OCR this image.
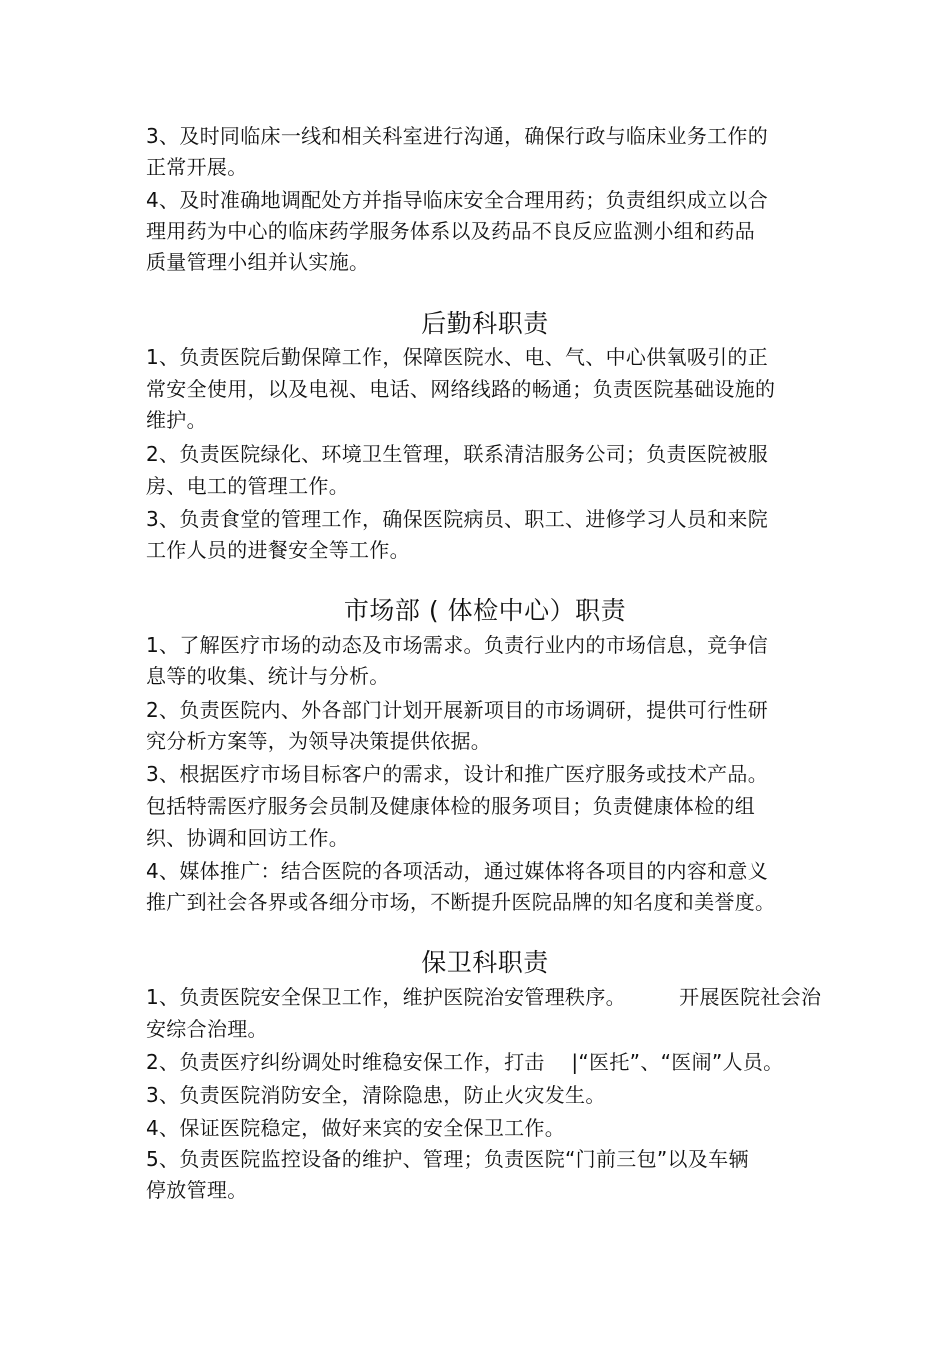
3、及时同临床一线和相关科室进行沟通，确保行政与临床业务工作的
正常开展。
4、及时准确地调配处方并指导临床安全合理用药；负责组织成立以合
理用药为中心的临床药学服务体系以及药品不良反应监测小组和药品
质量管理小组并认实施。
后勤科职责
1、负责医院后勤保障工作，保障医院水、电、气、中心供氧吸引的正
常安全使用，以及电视、电话、网络线路的畅通；负责医院基础设施的
维护。
2、负责医院绿化、环境卫生管理，联系清洁服务公司；负责医院被服
房、电工的管理工作。
3、负责食堂的管理工作，确保医院病员、职工、进修学习人员和来院
工作人员的进餐安全等工作。
市场部 ( 体检中心）职责
1、了解医疗市场的动态及市场需求。负责行业内的市场信息，竞争信
息等的收集、统计与分析。
2、负责医院内、外各部门计划开展新项目的市场调研，提供可行性研
究分析方案等，为领导决策提供依据。
3、根据医疗市场目标客户的需求，设计和推广医疗服务或技术产品。
包括特需医疗服务会员制及健康体检的服务项目；负责健康体检的组
织、协调和回访工作。
4、媒体推广：结合医院的各项活动，通过媒体将各项目的内容和意义
推广到社会各界或各细分市场，不断提升医院品牌的知名度和美誉度。
保卫科职责
1、负责医院安全保卫工作，维护医院治安管理秩序。        开展医院社会治
安综合治理。
2、负责医疗纠纷调处时维稳安保工作，打击    |“医托”、“医闹”人员。
3、负责医院消防安全，清除隐患，防止火灾发生。
4、保证医院稳定，做好来宾的安全保卫工作。
5、负责医院监控设备的维护、管理；负责医院“门前三包”以及车辆
停放管理。
